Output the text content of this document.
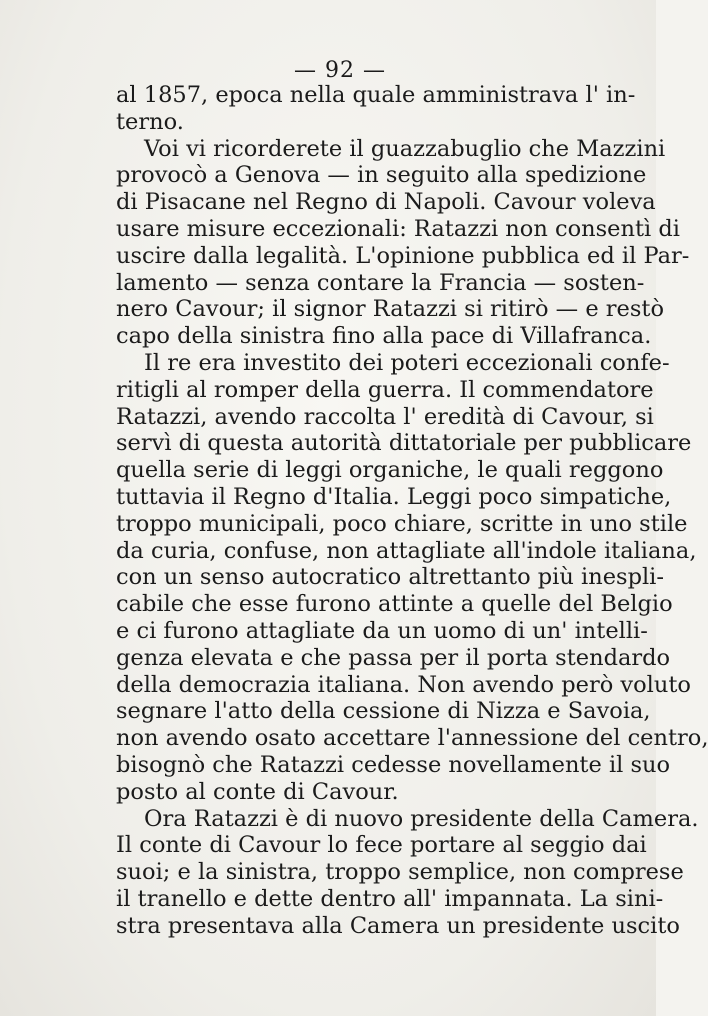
— 92 —
al 1857, epoca nella quale amministrava l' in-
terno.
Voi vi ricorderete il guazzabuglio che Mazzini
provocò a Genova — in seguito alla spedizione
di Pisacane nel Regno di Napoli. Cavour voleva
usare misure eccezionali: Ratazzi non consentì di
uscire dalla legalità. L'opinione pubblica ed il Par-
lamento — senza contare la Francia — sosten-
nero Cavour; il signor Ratazzi si ritirò — e restò
capo della sinistra fino alla pace di Villafranca.
Il re era investito dei poteri eccezionali confe-
ritigli al romper della guerra. Il commendatore
Ratazzi, avendo raccolta l' eredità di Cavour, si
servì di questa autorità dittatoriale per pubblicare
quella serie di leggi organiche, le quali reggono
tuttavia il Regno d'Italia. Leggi poco simpatiche,
troppo municipali, poco chiare, scritte in uno stile
da curia, confuse, non attagliate all'indole italiana,
con un senso autocratico altrettanto più inespli-
cabile che esse furono attinte a quelle del Belgio
e ci furono attagliate da un uomo di un' intelli-
genza elevata e che passa per il porta stendardo
della democrazia italiana. Non avendo però voluto
segnare l'atto della cessione di Nizza e Savoia,
non avendo osato accettare l'annessione del centro,
bisognò che Ratazzi cedesse novellamente il suo
posto al conte di Cavour.
Ora Ratazzi è di nuovo presidente della Camera.
Il conte di Cavour lo fece portare al seggio dai
suoi; e la sinistra, troppo semplice, non comprese
il tranello e dette dentro all' impannata. La sini-
stra presentava alla Camera un presidente uscito
